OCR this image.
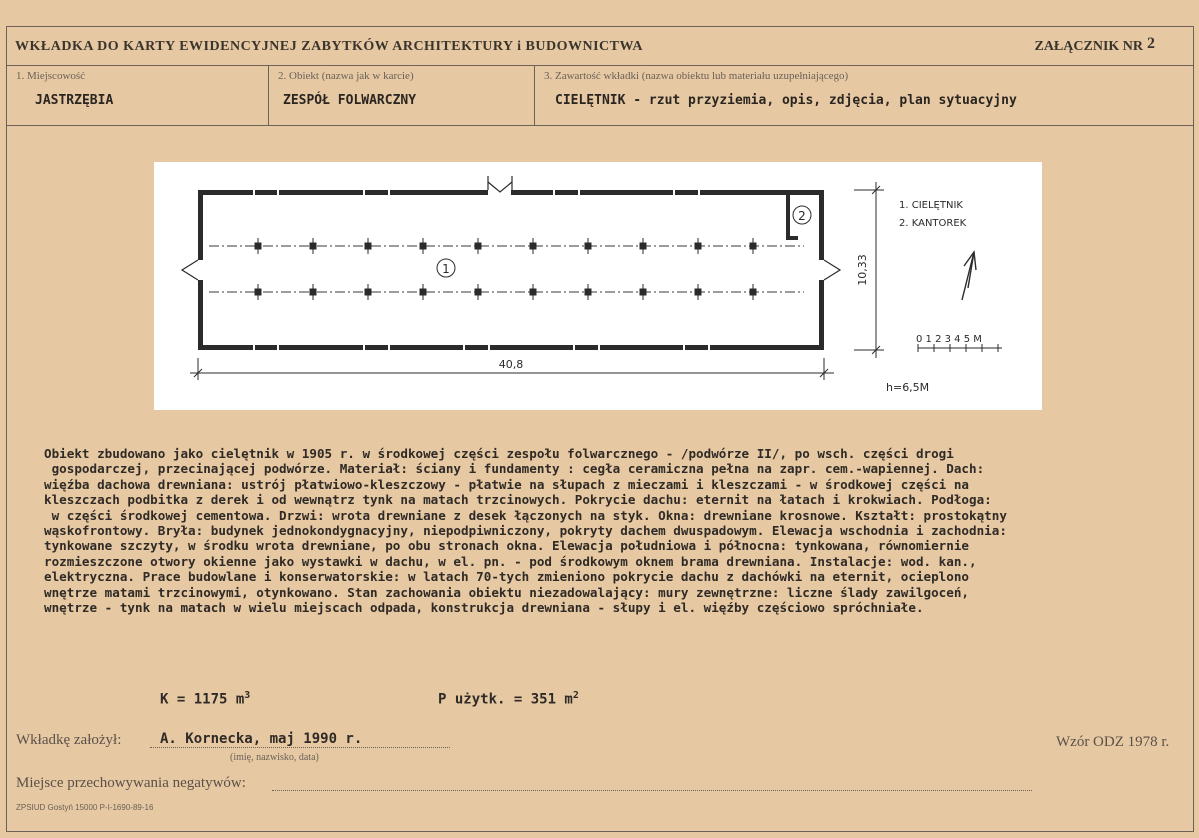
WKŁADKA DO KARTY EWIDENCYJNEJ ZABYTKÓW ARCHITEKTURY i BUDOWNICTWA	ZAŁĄCZNIK NR 2
1. Miejscowość
JASTRZĘBIA
2. Obiekt (nazwa jak w karcie)
ZESPÓŁ FOLWARCZNY
3. Zawartość wkładki (nazwa obiektu lub materiału uzupełniającego)
CIELĘTNIK - rzut przyziemia, opis, zdjęcia, plan sytuacyjny
1
2
40,8
10,33
1. CIELĘTNIK
2. KANTOREK
0 1 2 3 4 5 M
h=6,5M
Obiekt zbudowano jako cielętnik w 1905 r. w środkowej części zespołu folwarcznego - /podwórze II/, po wsch. części drogi
gospodarczej, przecinającej podwórze. Materiał: ściany i fundamenty : cegła ceramiczna pełna na zapr. cem.-wapiennej. Dach:
więźba dachowa drewniana: ustrój płatwiowo-kleszczowy - płatwie na słupach z mieczami i kleszczami - w środkowej części na
kleszczach podbitka z derek i od wewnątrz tynk na matach trzcinowych. Pokrycie dachu: eternit na łatach i krokwiach. Podłoga:
w części środkowej cementowa. Drzwi: wrota drewniane z desek łączonych na styk. Okna: drewniane krosnowe. Kształt: prostokątny
wąskofrontowy. Bryła: budynek jednokondygnacyjny, niepodpiwniczony, pokryty dachem dwuspadowym. Elewacja wschodnia i zachodnia:
tynkowane szczyty, w środku wrota drewniane, po obu stronach okna. Elewacja południowa i północna: tynkowana, równomiernie
rozmieszczone otwory okienne jako wystawki w dachu, w el. pn. - pod środkowym oknem brama drewniana. Instalacje: wod. kan.,
elektryczna. Prace budowlane i konserwatorskie: w latach 70-tych zmieniono pokrycie dachu z dachówki na eternit, ocieplono
wnętrze matami trzcinowymi, otynkowano. Stan zachowania obiektu niezadowalający: mury zewnętrzne: liczne ślady zawilgoceń,
wnętrze - tynk na matach w wielu miejscach odpada, konstrukcja drewniana - słupy i el. więźby częściowo spróchniałe.
K = 1175 $m^3$	P użytk. = 351 $m^2$
Wkładkę założył:	A. Kornecka, maj 1990 r.
(imię, nazwisko, data)
Wzór ODZ 1978 r.
Miejsce przechowywania negatywów:
ZPSIUD Gostyń 15000 P-I-1690-89-16
